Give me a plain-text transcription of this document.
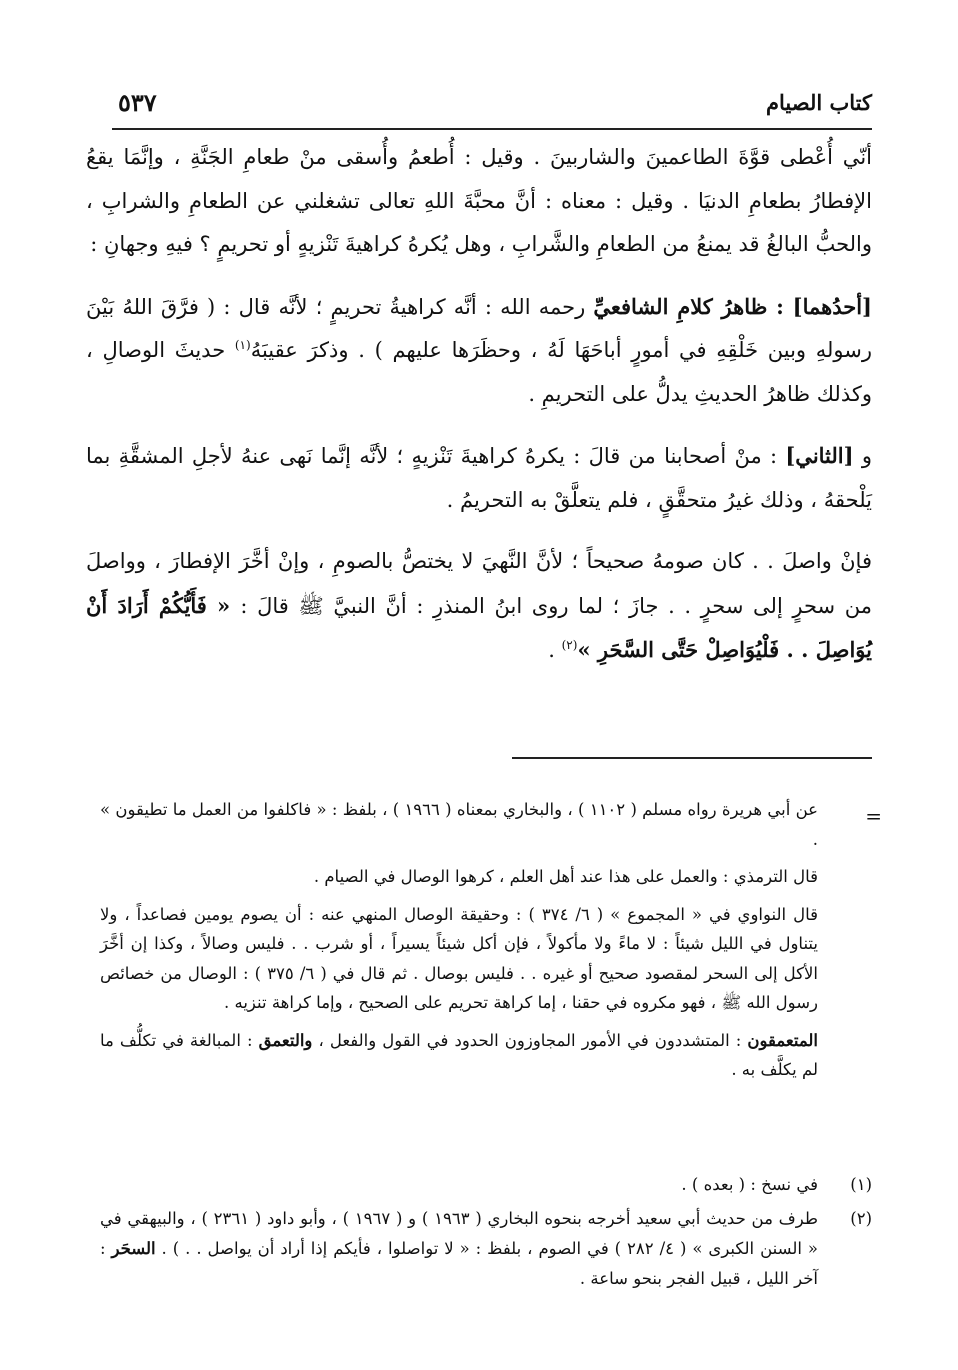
كتاب الصيام
٥٣٧

أنّي أُعْطى قوَّةَ الطاعمينَ والشاربينَ . وقيل : أُطعمُ وأُسقى منْ طعامِ الجَنَّةِ ، وإنَّمَا يقعُ الإفطارُ بطعامِ الدنيَا . وقيل : معناه : أنَّ محبَّةَ اللهِ تعالى تشغلني عن الطعامِ والشرابِ ، والحبُّ البالغُ قد يمنعُ من الطعامِ والشَّرابِ ، وهل يُكرهُ كراهيةَ تَنْزيهٍ أو تحريمٍ ؟ فيهِ وجهانِ :

[أحدُهما] : ظاهرُ كلامِ الشافعيِّ رحمه الله : أنَّه كراهيةُ تحريمٍ ؛ لأنَّه قال : ( فرَّقَ اللهُ بَيْنَ رسولهِ وبين خَلْقِهِ في أمورٍ أباحَهَا لَهُ ، وحظَرَها عليهم ) . وذكرَ عقيبَهُ$^{(١)}$ حديثَ الوصالِ ، وكذلك ظاهرُ الحديثِ يدلُّ على التحريمِ .

و [الثاني] : منْ أصحابنا من قالَ : يكرهُ كراهيةَ تَنْزيهٍ ؛ لأنَّه إنَّما نَهى عنهُ لأجلِ المشقَّةِ بما يَلْحقهُ ، وذلك غيرُ متحقَّقٍ ، فلم يتعلَّقْ به التحريمُ .

فإنْ واصلَ . . كان صومهُ صحيحاً ؛ لأنَّ النَّهيَ لا يختصُّ بالصومِ ، وإنْ أخَّرَ الإفطارَ ، وواصلَ من سحرٍ إلى سحرٍ . . جازَ ؛ لما روى ابنُ المنذرِ : أنَّ النبيَّ ﷺ قالَ : « فَأَيُّكُمْ أَرَادَ أَنْ يُوَاصِلَ . . فَلْيُوَاصِلْ حَتَّى السَّحَرِ »$^{(٢)}$ .

=

عن أبي هريرة رواه مسلم ( ١١٠٢ ) ، والبخاري بمعناه ( ١٩٦٦ ) ، بلفظ : « فاكلفوا من العمل ما تطيقون » .

قال الترمذي : والعمل على هذا عند أهل العلم ، كرهوا الوصال في الصيام .

قال النواوي في « المجموع » ( ٦/ ٣٧٤ ) : وحقيقة الوصال المنهي عنه : أن يصوم يومين فصاعداً ، ولا يتناول في الليل شيئاً : لا ماءً ولا مأكولاً ، فإن أكل شيئاً يسيراً ، أو شرب . . فليس وصالاً ، وكذا إن أخَّرَ الأكل إلى السحر لمقصود صحيح أو غيره . . فليس بوصال . ثم قال في ( ٦/ ٣٧٥ ) : الوصال من خصائص رسول الله ﷺ ، فهو مكروه في حقنا ، إما كراهة تحريم على الصحيح ، وإما كراهة تنزيه .

المتعمقون : المتشددون في الأمور المجاوزون الحدود في القول والفعل ، والتعمق : المبالغة في تكلُّف ما لم يكلَّف به .

(١)
في نسخ : ( بعده ) .

(٢)
طرف من حديث أبي سعيد أخرجه بنحوه البخاري ( ١٩٦٣ ) و ( ١٩٦٧ ) ، وأبو داود ( ٢٣٦١ ) ، والبيهقي في « السنن الكبرى » ( ٤/ ٢٨٢ ) في الصوم ، بلفظ : « لا تواصلوا ، فأيكم إذا أراد أن يواصل . . ) . السحَر : آخر الليل ، قبيل الفجر بنحو ساعة .
